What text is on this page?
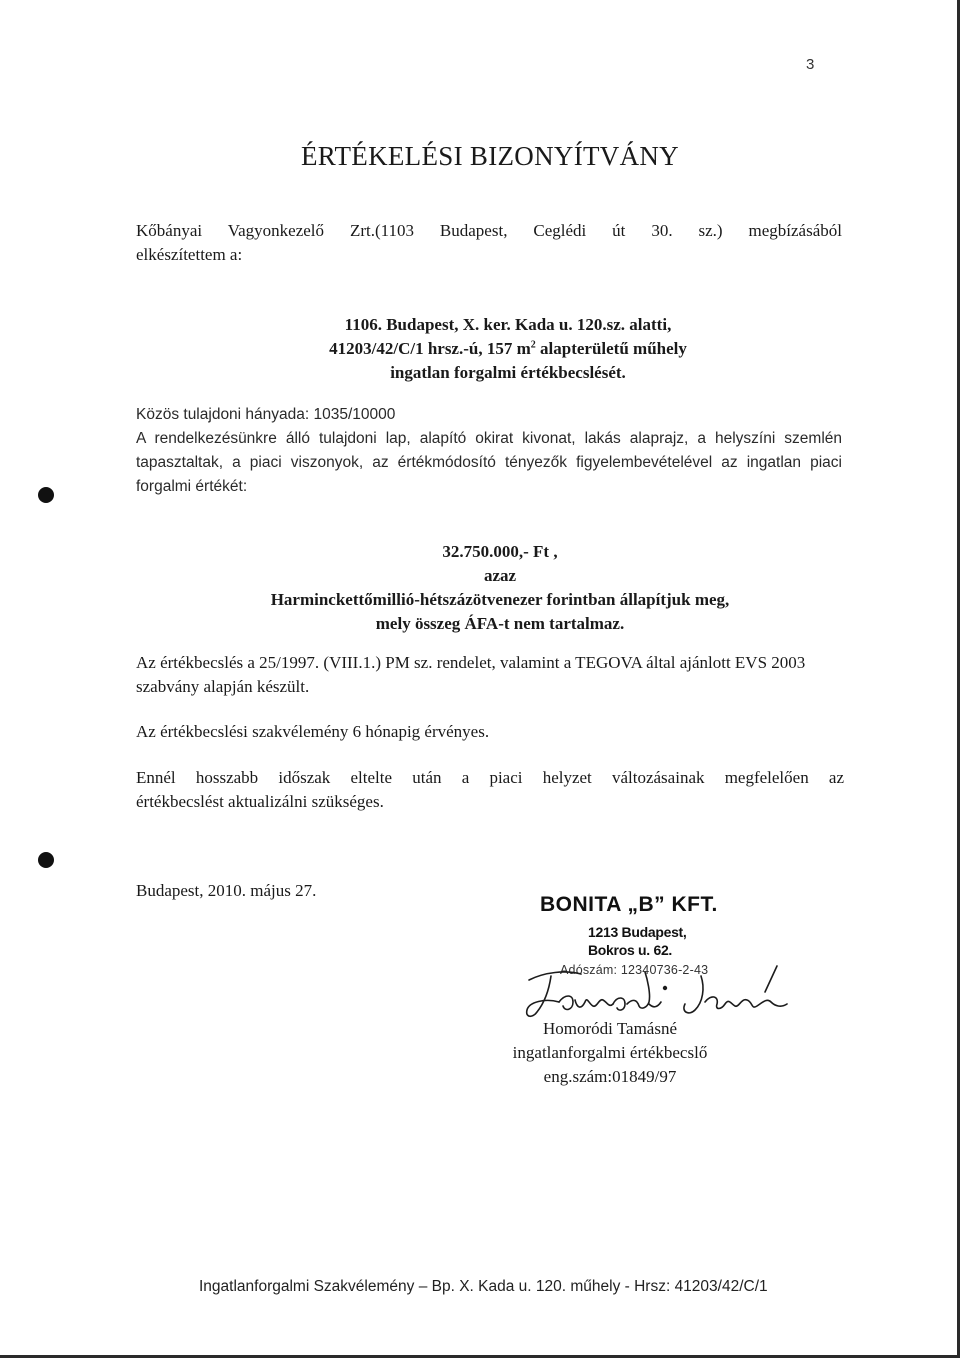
3
ÉRTÉKELÉSI BIZONYÍTVÁNY
Kőbányai Vagyonkezelő Zrt.(1103 Budapest, Ceglédi út 30. sz.) megbízásából
elkészítettem a:
1106. Budapest, X. ker. Kada u. 120.sz. alatti,
41203/42/C/1 hrsz.-ú, 157 $m^2$ alapterületű műhely
ingatlan forgalmi értékbecslését.
Közös tulajdoni hányada: 1035/10000
A rendelkezésünkre álló tulajdoni lap, alapító okirat kivonat, lakás alaprajz, a helyszíni szemlén tapasztaltak, a piaci viszonyok, az értékmódosító tényezők figyelembevételével az ingatlan piaci forgalmi értékét:
32.750.000,- Ft ,
azaz
Harminckettőmillió-hétszázötvenezer forintban állapítjuk meg,
mely összeg ÁFA-t nem tartalmaz.
Az értékbecslés a 25/1997. (VIII.1.) PM sz. rendelet, valamint a TEGOVA által ajánlott EVS 2003 szabvány alapján készült.
Az értékbecslési szakvélemény 6 hónapig érvényes.
Ennél hosszabb időszak eltelte után a piaci helyzet változásainak megfelelően az
értékbecslést aktualizálni szükséges.
Budapest, 2010. május 27.
BONITA „B” KFT.
1213 Budapest,
Bokros u. 62.
Adószám: 12340736-2-43
Homoródi Tamásné
ingatlanforgalmi értékbecslő
eng.szám:01849/97
Ingatlanforgalmi Szakvélemény – Bp. X. Kada u. 120. műhely - Hrsz: 41203/42/C/1
